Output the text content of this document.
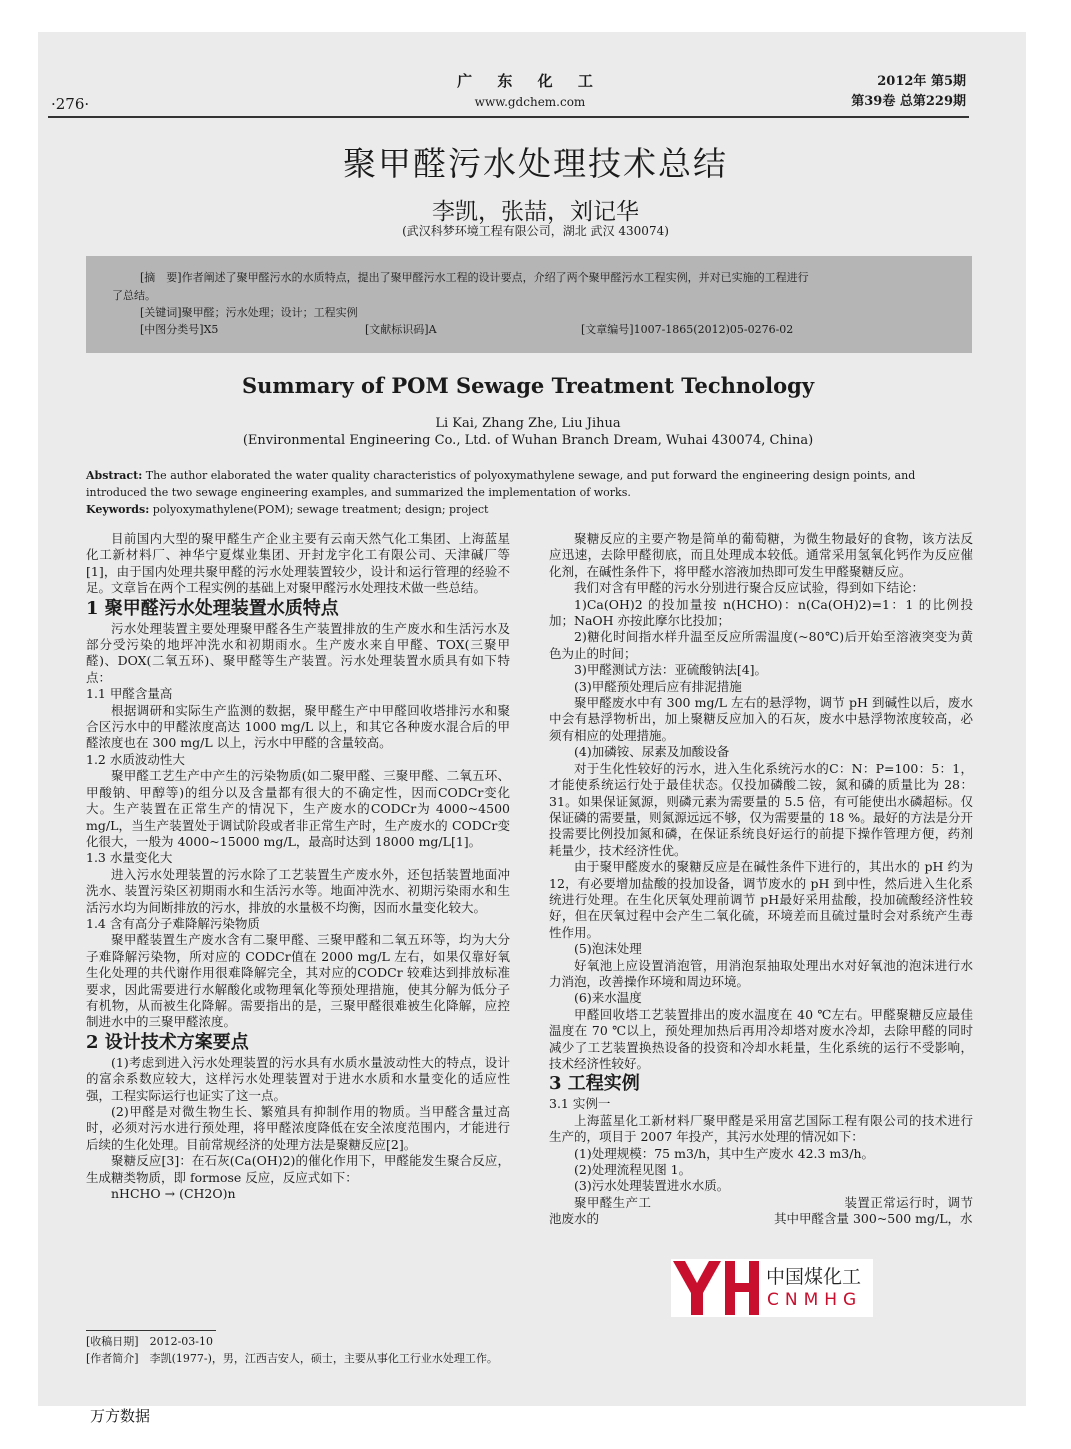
·276·
广 东 化 工
www.gdchem.com
2012年 第5期
第39卷 总第229期
聚甲醛污水处理技术总结
李凯，张喆，刘记华
(武汉科梦环境工程有限公司，湖北 武汉 430074)

[摘　要]作者阐述了聚甲醛污水的水质特点，提出了聚甲醛污水工程的设计要点，介绍了两个聚甲醛污水工程实例，并对已实施的工程进行

了总结。

[关键词]聚甲醛；污水处理；设计；工程实例

[中图分类号]X5	[文献标识码]A	[文章编号]1007-1865(2012)05-0276-02

Summary of POM Sewage Treatment Technology
Li Kai, Zhang Zhe, Liu Jihua
(Environmental Engineering Co., Ltd. of Wuhan Branch Dream, Wuhai 430074, China)

Abstract: The author elaborated the water quality characteristics of polyoxymathylene sewage, and put forward the engineering design points, and introduced the two sewage engineering examples, and summarized the implementation of works.

Keywords: polyoxymathylene(POM); sewage treatment; design; project

目前国内大型的聚甲醛生产企业主要有云南天然气化工集团、上海蓝星化工新材料厂、神华宁夏煤业集团、开封龙宇化工有限公司、天津碱厂等[1]，由于国内处理共聚甲醛的污水处理装置较少，设计和运行管理的经验不足。文章旨在两个工程实例的基础上对聚甲醛污水处理技术做一些总结。

1 聚甲醛污水处理装置水质特点

污水处理装置主要处理聚甲醛各生产装置排放的生产废水和生活污水及部分受污染的地坪冲洗水和初期雨水。生产废水来自甲醛、TOX(三聚甲醛)、DOX(二氧五环)、聚甲醛等生产装置。污水处理装置水质具有如下特点：

1.1 甲醛含量高

根据调研和实际生产监测的数据，聚甲醛生产中甲醛回收塔排污水和聚合区污水中的甲醛浓度高达 1000 mg/L 以上，和其它各种废水混合后的甲醛浓度也在 300 mg/L 以上，污水中甲醛的含量较高。

1.2 水质波动性大

聚甲醛工艺生产中产生的污染物质(如二聚甲醛、三聚甲醛、二氧五环、甲酸钠、甲醇等)的组分以及含量都有很大的不确定性，因而CODCr变化大。生产装置在正常生产的情况下，生产废水的CODCr为 4000~4500 mg/L，当生产装置处于调试阶段或者非正常生产时，生产废水的 CODCr变化很大，一般为 4000~15000 mg/L，最高时达到 18000 mg/L[1]。

1.3 水量变化大

进入污水处理装置的污水除了工艺装置生产废水外，还包括装置地面冲洗水、装置污染区初期雨水和生活污水等。地面冲洗水、初期污染雨水和生活污水均为间断排放的污水，排放的水量极不均衡，因而水量变化较大。

1.4 含有高分子难降解污染物质

聚甲醛装置生产废水含有二聚甲醛、三聚甲醛和二氧五环等，均为大分子难降解污染物，所对应的 CODCr值在 2000 mg/L 左右，如果仅靠好氧生化处理的共代谢作用很难降解完全，其对应的CODCr 较难达到排放标准要求，因此需要进行水解酸化或物理氧化等预处理措施，使其分解为低分子有机物，从而被生化降解。需要指出的是，三聚甲醛很难被生化降解，应控制进水中的三聚甲醛浓度。

2 设计技术方案要点

(1)考虑到进入污水处理装置的污水具有水质水量波动性大的特点，设计的富余系数应较大，这样污水处理装置对于进水水质和水量变化的适应性强，工程实际运行也证实了这一点。

(2)甲醛是对微生物生长、繁殖具有抑制作用的物质。当甲醛含量过高时，必须对污水进行预处理，将甲醛浓度降低在安全浓度范围内，才能进行后续的生化处理。目前常规经济的处理方法是聚糖反应[2]。

聚糖反应[3]：在石灰(Ca(OH)2)的催化作用下，甲醛能发生聚合反应，生成糖类物质，即 formose 反应，反应式如下：

nHCHO → (CH2O)n

聚糖反应的主要产物是简单的葡萄糖，为微生物最好的食物，该方法反应迅速，去除甲醛彻底，而且处理成本较低。通常采用氢氧化钙作为反应催化剂，在碱性条件下，将甲醛水溶液加热即可发生甲醛聚糖反应。

我们对含有甲醛的污水分别进行聚合反应试验，得到如下结论：

1)Ca(OH)2 的投加量按 n(HCHO)：n(Ca(OH)2)=1：1 的比例投加；NaOH 亦按此摩尔比投加；

2)糖化时间指水样升温至反应所需温度(~80℃)后开始至溶液突变为黄色为止的时间；

3)甲醛测试方法：亚硫酸钠法[4]。

(3)甲醛预处理后应有排泥措施

聚甲醛废水中有 300 mg/L 左右的悬浮物，调节 pH 到碱性以后，废水中会有悬浮物析出，加上聚糖反应加入的石灰，废水中悬浮物浓度较高，必须有相应的处理措施。

(4)加磷铵、尿素及加酸设备

对于生化性较好的污水，进入生化系统污水的C：N：P=100：5：1，才能使系统运行处于最佳状态。仅投加磷酸二铵，氮和磷的质量比为 28：31。如果保证氮源，则磷元素为需要量的 5.5 倍，有可能使出水磷超标。仅保证磷的需要量，则氮源远远不够，仅为需要量的 18 %。最好的方法是分开投需要比例投加氮和磷，在保证系统良好运行的前提下操作管理方便，药剂耗量少，技术经济性优。

由于聚甲醛废水的聚糖反应是在碱性条件下进行的，其出水的 pH 约为 12，有必要增加盐酸的投加设备，调节废水的 pH 到中性，然后进入生化系统进行处理。在生化厌氧处理前调节 pH最好采用盐酸，投加硫酸经济性较好，但在厌氧过程中会产生二氧化硫，环境差而且硫过量时会对系统产生毒性作用。

(5)泡沫处理

好氧池上应设置消泡管，用消泡泵抽取处理出水对好氧池的泡沫进行水力消泡，改善操作环境和周边环境。

(6)来水温度

甲醛回收塔工艺装置排出的废水温度在 40 ℃左右。甲醛聚糖反应最佳温度在 70 ℃以上，预处理加热后再用冷却塔对废水冷却，去除甲醛的同时减少了工艺装置换热设备的投资和冷却水耗量，生化系统的运行不受影响，技术经济性较好。

3 工程实例
3.1 实例一

上海蓝星化工新材料厂聚甲醛是采用富艺国际工程有限公司的技术进行生产的，项目于 2007 年投产，其污水处理的情况如下：

(1)处理规模：75 m3/h，其中生产废水 42.3 m3/h。

(2)处理流程见图 1。

(3)污水处理装置进水水质。

聚甲醛生产工　　　　　　　　　　　　　　　装置正常运行时，调节池废水的　　　　　　　　　　　　　　其中甲醛含量 300~500 mg/L，水

中国煤化工
CNMHG

[收稿日期]　2012-03-10

[作者简介]　李凯(1977-)，男，江西吉安人，硕士，主要从事化工行业水处理工作。

万方数据
